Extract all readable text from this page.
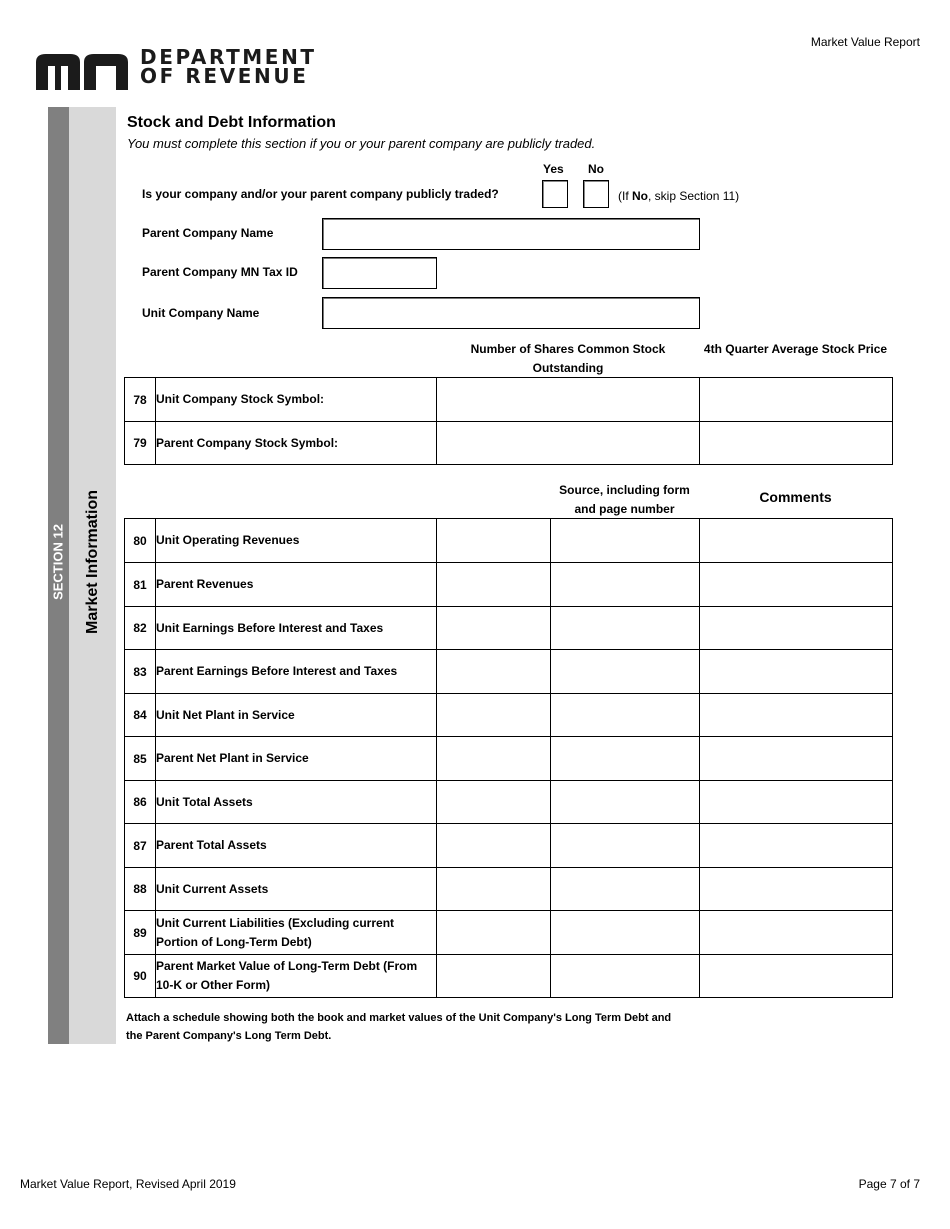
DEPARTMENT
OF REVENUE
Market Value Report
SECTION 12 Market Information
Stock and Debt Information
You must complete this section if you or your parent company are publicly traded.
Yes No
Is your company and/or your parent company publicly traded?	(If No, skip Section 11)
Parent Company Name
Parent Company MN Tax ID
Unit Company Name
Number of Shares Common Stock Outstanding
4th Quarter Average Stock Price
78	Unit Company Stock Symbol:		
79	Parent Company Stock Symbol:		
Source, including form and page number
Comments
80	Unit Operating Revenues			
81	Parent Revenues			
82	Unit Earnings Before Interest and Taxes			
83	Parent Earnings Before Interest and Taxes			
84	Unit Net Plant in Service			
85	Parent Net Plant in Service			
86	Unit Total Assets			
87	Parent Total Assets			
88	Unit Current Assets			
89	Unit Current Liabilities (Excluding current Portion of Long-Term Debt)			
90	Parent Market Value of Long-Term Debt (From 10-K or Other Form)			
Attach a schedule showing both the book and market values of the Unit Company's Long Term Debt and the Parent Company's Long Term Debt.
Market Value Report, Revised April 2019	Page 7 of 7
